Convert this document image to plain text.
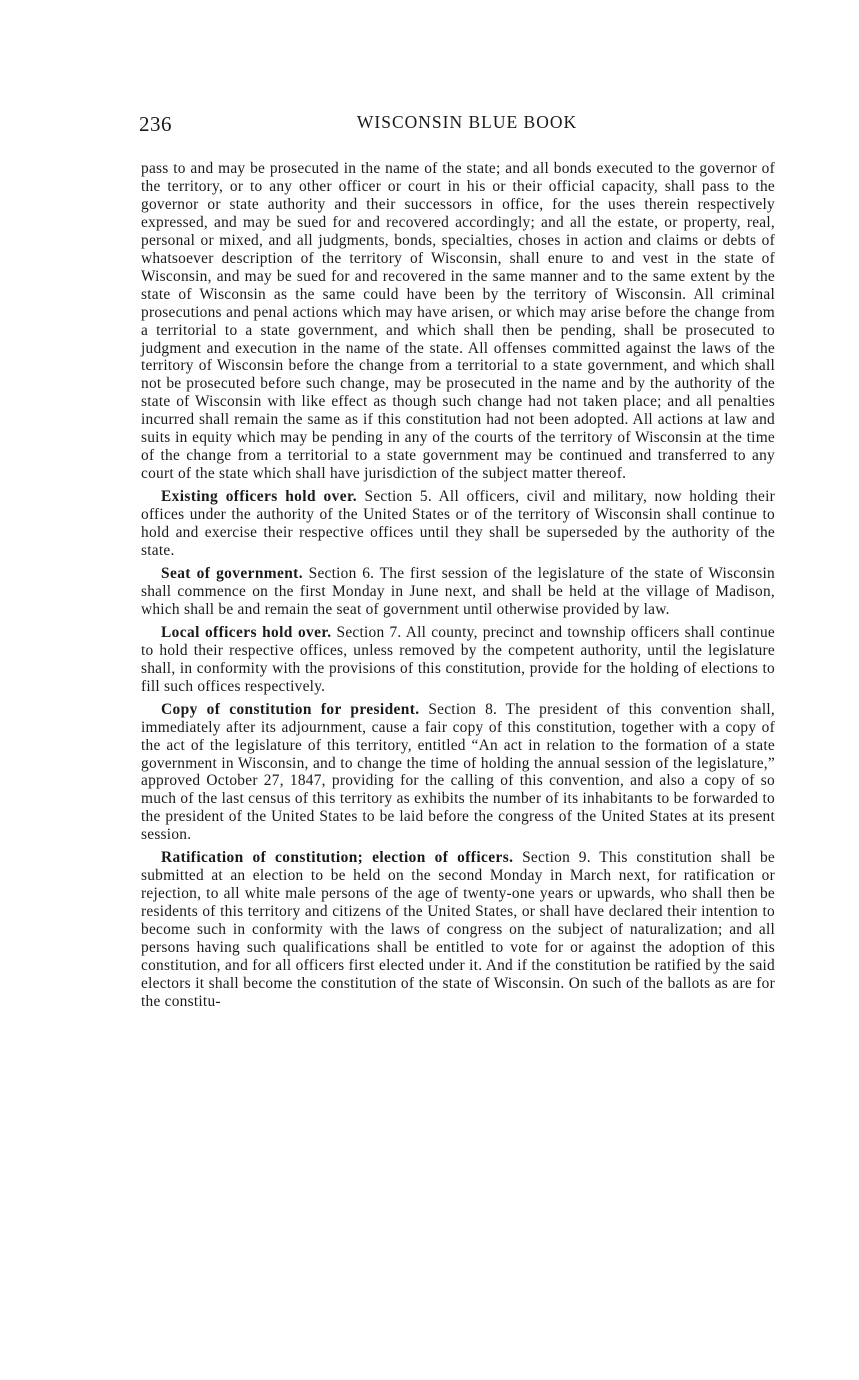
236	WISCONSIN BLUE BOOK

pass to and may be prosecuted in the name of the state; and all bonds executed to the governor of the territory, or to any other officer or court in his or their official capacity, shall pass to the governor or state authority and their successors in office, for the uses therein respectively expressed, and may be sued for and recovered accordingly; and all the estate, or property, real, personal or mixed, and all judgments, bonds, specialties, choses in action and claims or debts of whatsoever description of the territory of Wisconsin, shall enure to and vest in the state of Wisconsin, and may be sued for and recovered in the same manner and to the same extent by the state of Wisconsin as the same could have been by the territory of Wisconsin. All criminal prosecutions and penal actions which may have arisen, or which may arise before the change from a territorial to a state government, and which shall then be pending, shall be prosecuted to judgment and execution in the name of the state. All offenses committed against the laws of the territory of Wisconsin before the change from a territorial to a state government, and which shall not be prosecuted before such change, may be prosecuted in the name and by the authority of the state of Wisconsin with like effect as though such change had not taken place; and all penalties incurred shall remain the same as if this constitution had not been adopted. All actions at law and suits in equity which may be pending in any of the courts of the territory of Wisconsin at the time of the change from a territorial to a state government may be continued and transferred to any court of the state which shall have jurisdiction of the subject matter thereof.

Existing officers hold over. Section 5. All officers, civil and military, now holding their offices under the authority of the United States or of the territory of Wisconsin shall continue to hold and exercise their respective offices until they shall be superseded by the authority of the state.

Seat of government. Section 6. The first session of the legislature of the state of Wisconsin shall commence on the first Monday in June next, and shall be held at the village of Madison, which shall be and remain the seat of government until otherwise provided by law.

Local officers hold over. Section 7. All county, precinct and township officers shall continue to hold their respective offices, unless removed by the competent authority, until the legislature shall, in conformity with the provisions of this constitution, provide for the holding of elections to fill such offices respectively.

Copy of constitution for president. Section 8. The president of this convention shall, immediately after its adjournment, cause a fair copy of this constitution, together with a copy of the act of the legislature of this territory, entitled “An act in relation to the formation of a state government in Wisconsin, and to change the time of holding the annual session of the legislature,” approved October 27, 1847, providing for the calling of this convention, and also a copy of so much of the last census of this territory as exhibits the number of its inhabitants to be forwarded to the president of the United States to be laid before the congress of the United States at its present session.

Ratification of constitution; election of officers. Section 9. This constitution shall be submitted at an election to be held on the second Monday in March next, for ratification or rejection, to all white male persons of the age of twenty-one years or upwards, who shall then be residents of this territory and citizens of the United States, or shall have declared their intention to become such in conformity with the laws of congress on the subject of naturalization; and all persons having such qualifications shall be entitled to vote for or against the adoption of this constitution, and for all officers first elected under it. And if the constitution be ratified by the said electors it shall become the constitution of the state of Wisconsin. On such of the ballots as are for the constitu-
